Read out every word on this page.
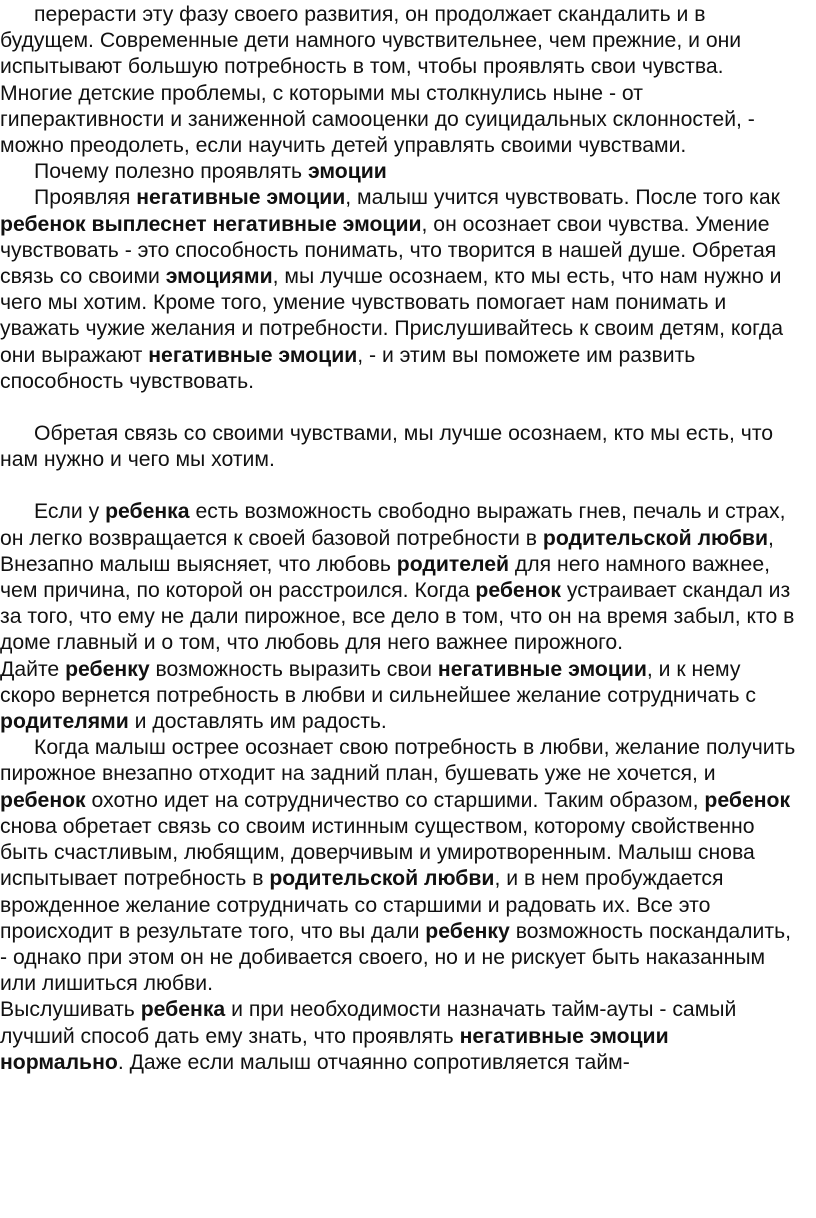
перерасти эту фазу своего развития, он продолжает скандалить и в будущем. Современные дети намного чувствительнее, чем прежние, и они испытывают большую потребность в том, чтобы проявлять свои чувства. Многие детские проблемы, с которыми мы столкнулись ныне - от гиперактивности и заниженной самооценки до суицидальных склонностей, - можно преодолеть, если научить детей управлять своими чувствами.

Почему полезно проявлять эмоции

Проявляя негативные эмоции, малыш учится чувствовать. После того как ребенок выплеснет негативные эмоции, он осознает свои чувства. Умение чувствовать - это способность понимать, что творится в нашей душе. Обретая связь со своими эмоциями, мы лучше осознаем, кто мы есть, что нам нужно и чего мы хотим. Кроме того, умение чувствовать помогает нам понимать и уважать чужие желания и потребности. Прислушивайтесь к своим детям, когда они выражают негативные эмоции, - и этим вы поможете им развить способность чувствовать.

Обретая связь со своими чувствами, мы лучше осознаем, кто мы есть, что нам нужно и чего мы хотим.

Если у ребенка есть возможность свободно выражать гнев, печаль и страх, он легко возвращается к своей базовой потребности в родительской любви, Внезапно малыш выясняет, что любовь родителей для него намного важнее, чем причина, по которой он расстроился. Когда ребенок устраивает скандал из за того, что ему не дали пирожное, все дело в том, что он на время забыл, кто в доме главный и о том, что любовь для него важнее пирожного.

Дайте ребенку возможность выразить свои негативные эмоции, и к нему скоро вернется потребность в любви и сильнейшее желание сотрудничать с родителями и доставлять им радость.

Когда малыш острее осознает свою потребность в любви, желание получить пирожное внезапно отходит на задний план, бушевать уже не хочется, и ребенок охотно идет на сотрудничество со старшими. Таким образом, ребенок снова обретает связь со своим истинным существом, которому свойственно быть счастливым, любящим, доверчивым и умиротворенным. Малыш снова испытывает потребность в родительской любви, и в нем пробуждается врожденное желание сотрудничать со старшими и радовать их. Все это происходит в результате того, что вы дали ребенку возможность поскандалить, - однако при этом он не добивается своего, но и не рискует быть наказанным или лишиться любви.

Выслушивать ребенка и при необходимости назначать тайм-ауты - самый лучший способ дать ему знать, что проявлять негативные эмоции нормально. Даже если малыш отчаянно сопротивляется тайм-
